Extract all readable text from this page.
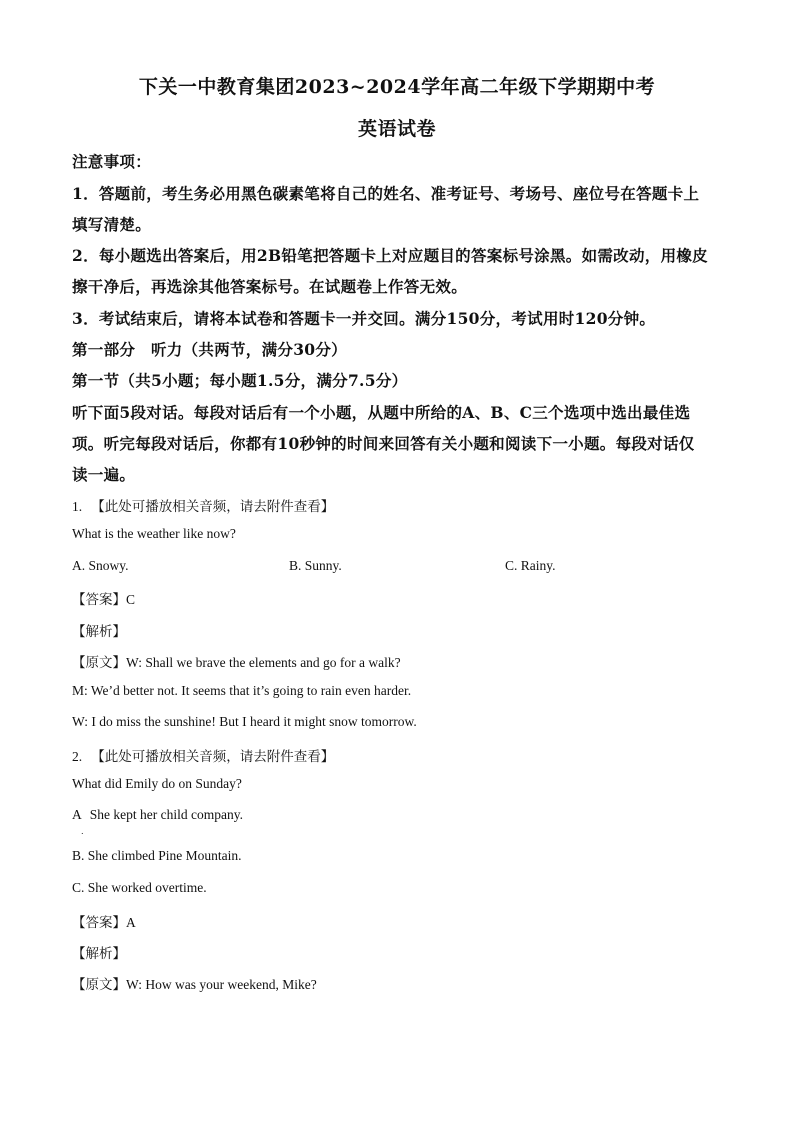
下关一中教育集团2023~2024学年高二年级下学期期中考
英语试卷
注意事项：
1．答题前，考生务必用黑色碳素笔将自己的姓名、准考证号、考场号、座位号在答题卡上
填写清楚。
2．每小题选出答案后，用2B铅笔把答题卡上对应题目的答案标号涂黑。如需改动，用橡皮
擦干净后，再选涂其他答案标号。在试题卷上作答无效。
3．考试结束后，请将本试卷和答题卡一并交回。满分150分，考试用时120分钟。
第一部分　听力（共两节，满分30分）
第一节（共5小题；每小题1.5分，满分7.5分）
听下面5段对话。每段对话后有一个小题，从题中所给的A、B、C三个选项中选出最佳选
项。听完每段对话后，你都有10秒钟的时间来回答有关小题和阅读下一小题。每段对话仅
读一遍。
1. 【此处可播放相关音频，请去附件查看】
What is the weather like now?
A. Snowy.	B. Sunny.	C. Rainy.
【答案】C
【解析】
【原文】W: Shall we brave the elements and go for a walk?
M: We’d better not. It seems that it’s going to rain even harder.
W: I do miss the sunshine! But I heard it might snow tomorrow.
2. 【此处可播放相关音频，请去附件查看】
What did Emily do on Sunday?
A She kept her child company.
.
B. She climbed Pine Mountain.
C. She worked overtime.
【答案】A
【解析】
【原文】W: How was your weekend, Mike?
